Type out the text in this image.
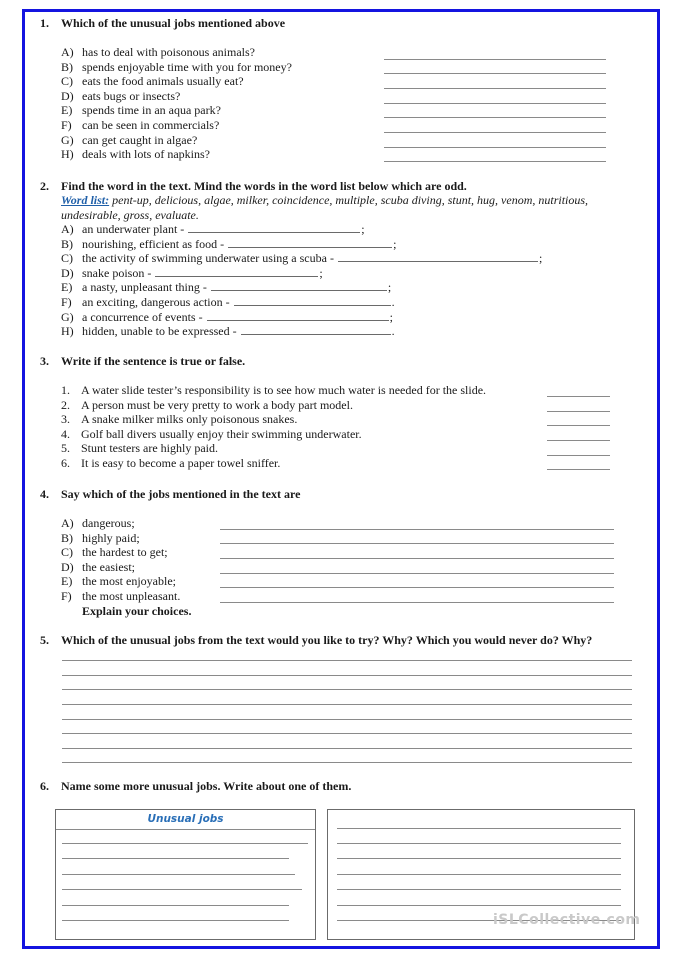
1. Which of the unusual jobs mentioned above
A) has to deal with poisonous animals?
B) spends enjoyable time with you for money?
C) eats the food animals usually eat?
D) eats bugs or insects?
E) spends time in an aqua park?
F) can be seen in commercials?
G) can get caught in algae?
H) deals with lots of napkins?
2. Find the word in the text. Mind the words in the word list below which are odd.
Word list: pent-up, delicious, algae, milker, coincidence, multiple, scuba diving, stunt, hug, venom, nutritious, undesirable, gross, evaluate.
A) an underwater plant -	;
B) nourishing, efficient as food -	;
C) the activity of swimming underwater using a scuba -	;
D) snake poison -	;
E) a nasty, unpleasant thing -	;
F) an exciting, dangerous action -	.
G) a concurrence of events -	;
H) hidden, unable to be expressed -	.
3. Write if the sentence is true or false.
1. A water slide tester’s responsibility is to see how much water is needed for the slide.
2. A person must be very pretty to work a body part model.
3. A snake milker milks only poisonous snakes.
4. Golf ball divers usually enjoy their swimming underwater.
5. Stunt testers are highly paid.
6. It is easy to become a paper towel sniffer.
4. Say which of the jobs mentioned in the text are
A) dangerous;
B) highly paid;
C) the hardest to get;
D) the easiest;
E) the most enjoyable;
F) the most unpleasant.
Explain your choices.
5. Which of the unusual jobs from the text would you like to try? Why? Which you would never do? Why?
6. Name some more unusual jobs. Write about one of them.
Unusual jobs
iSLCollective.com
